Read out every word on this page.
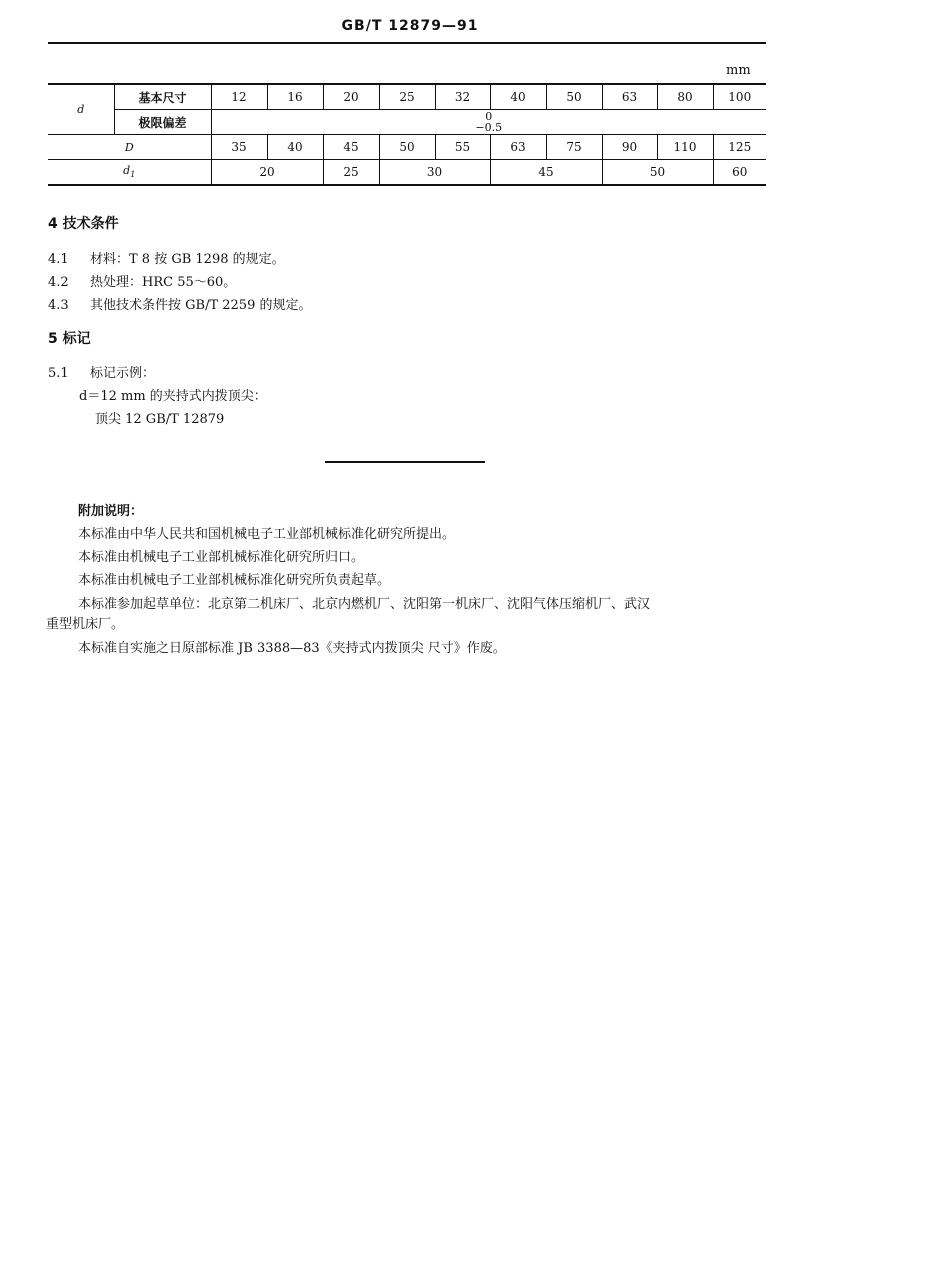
GB/T 12879—91
mm
d	基本尺寸	12	16	20	25	32	40	50	63	80	100
	极限偏差	0
−0.5									

D		35	40	45	50	55	63	75	90	110	125
$d_1$		20		25	30		45		50		60
4 技术条件
4.1 材料：T 8 按 GB 1298 的规定。
4.2 热处理：HRC 55～60。
4.3 其他技术条件按 GB/T 2259 的规定。
5 标记
5.1 标记示例：
d＝12 mm 的夹持式内拨顶尖：
顶尖 12 GB/T 12879
附加说明：
本标准由中华人民共和国机械电子工业部机械标准化研究所提出。
本标准由机械电子工业部机械标准化研究所归口。
本标准由机械电子工业部机械标准化研究所负责起草。
本标准参加起草单位：北京第二机床厂、北京内燃机厂、沈阳第一机床厂、沈阳气体压缩机厂、武汉
重型机床厂。
本标准自实施之日原部标准 JB 3388—83《夹持式内拨顶尖 尺寸》作废。
